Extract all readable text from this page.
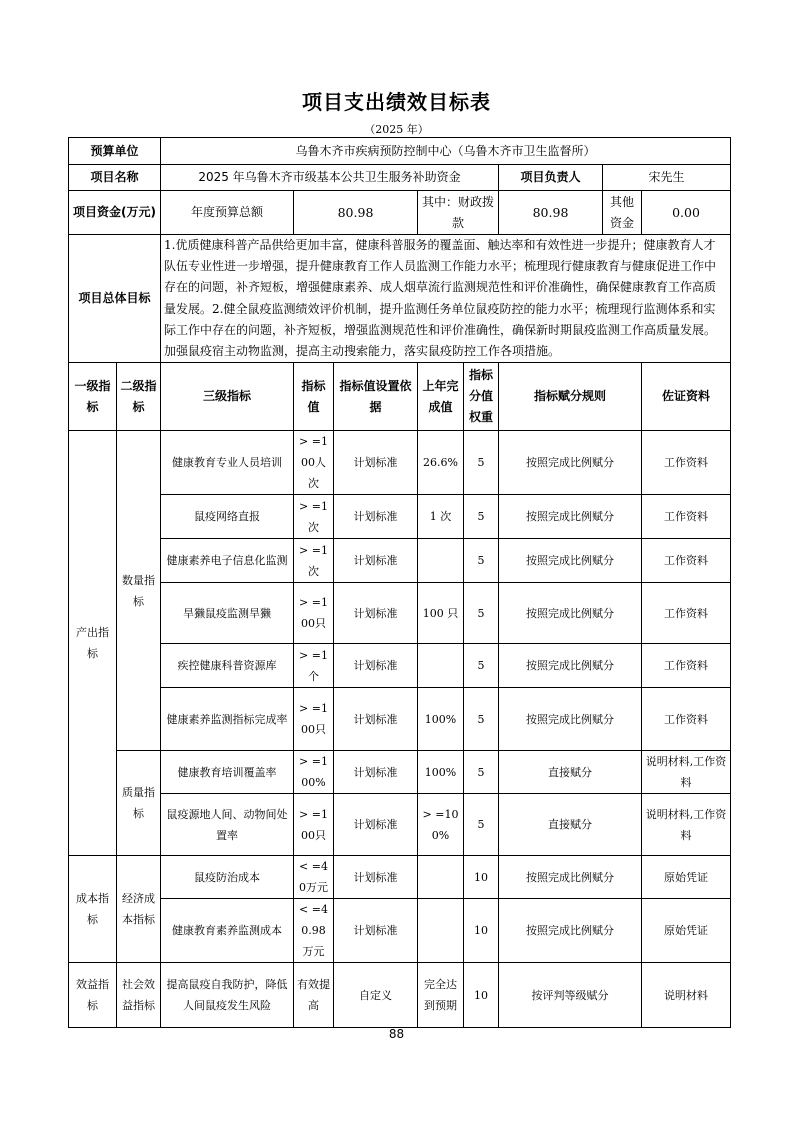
项目支出绩效目标表
（2025 年）
预算单位		乌鲁木齐市疾病预防控制中心（乌鲁木齐市卫生监督所）							
项目名称		2025 年乌鲁木齐市级基本公共卫生服务补助资金					项目负责人	宋先生	
项目资金(万元)		年度预算总额	80.98		其中：财政拨款		80.98	其他资金	0.00
项目总体目标		1.优质健康科普产品供给更加丰富，健康科普服务的覆盖面、触达率和有效性进一步提升；健康教育人才队伍专业性进一步增强，提升健康教育工作人员监测工作能力水平；梳理现行健康教育与健康促进工作中存在的问题，补齐短板，增强健康素养、成人烟草流行监测规范性和评价准确性，确保健康教育工作高质量发展。2.健全鼠疫监测绩效评价机制，提升监测任务单位鼠疫防控的能力水平；梳理现行监测体系和实际工作中存在的问题，补齐短板，增强监测规范性和评价准确性，确保新时期鼠疫监测工作高质量发展。加强鼠疫宿主动物监测，提高主动搜索能力，落实鼠疫防控工作各项措施。							
一级指标	二级指标	三级指标	指标值	指标值设置依据	上年完成值	指标分值权重	指标赋分规则		佐证资料
产出指标	数量指标	健康教育专业人员培训	> =100人次	计划标准	26.6%	5	按照完成比例赋分		工作资料
		鼠疫网络直报	> =1次	计划标准	1 次	5	按照完成比例赋分		工作资料
		健康素养电子信息化监测	> =1次	计划标准		5	按照完成比例赋分		工作资料
		旱獭鼠疫监测旱獭	> =100只	计划标准	100 只	5	按照完成比例赋分		工作资料
		疾控健康科普资源库	> =1个	计划标准		5	按照完成比例赋分		工作资料
		健康素养监测指标完成率	> =100只	计划标准	100%	5	按照完成比例赋分		工作资料
	质量指标	健康教育培训覆盖率	> =100%	计划标准	100%	5	直接赋分		说明材料,工作资料
		鼠疫源地人间、动物间处置率	> =100只	计划标准	> =100%	5	直接赋分		说明材料,工作资料
成本指标	经济成本指标	鼠疫防治成本	< =40万元	计划标准		10	按照完成比例赋分		原始凭证
		健康教育素养监测成本	< =40.98万元	计划标准		10	按照完成比例赋分		原始凭证
效益指标	社会效益指标	提高鼠疫自我防护，降低人间鼠疫发生风险	有效提高	自定义	完全达到预期	10	按评判等级赋分		说明材料
88
